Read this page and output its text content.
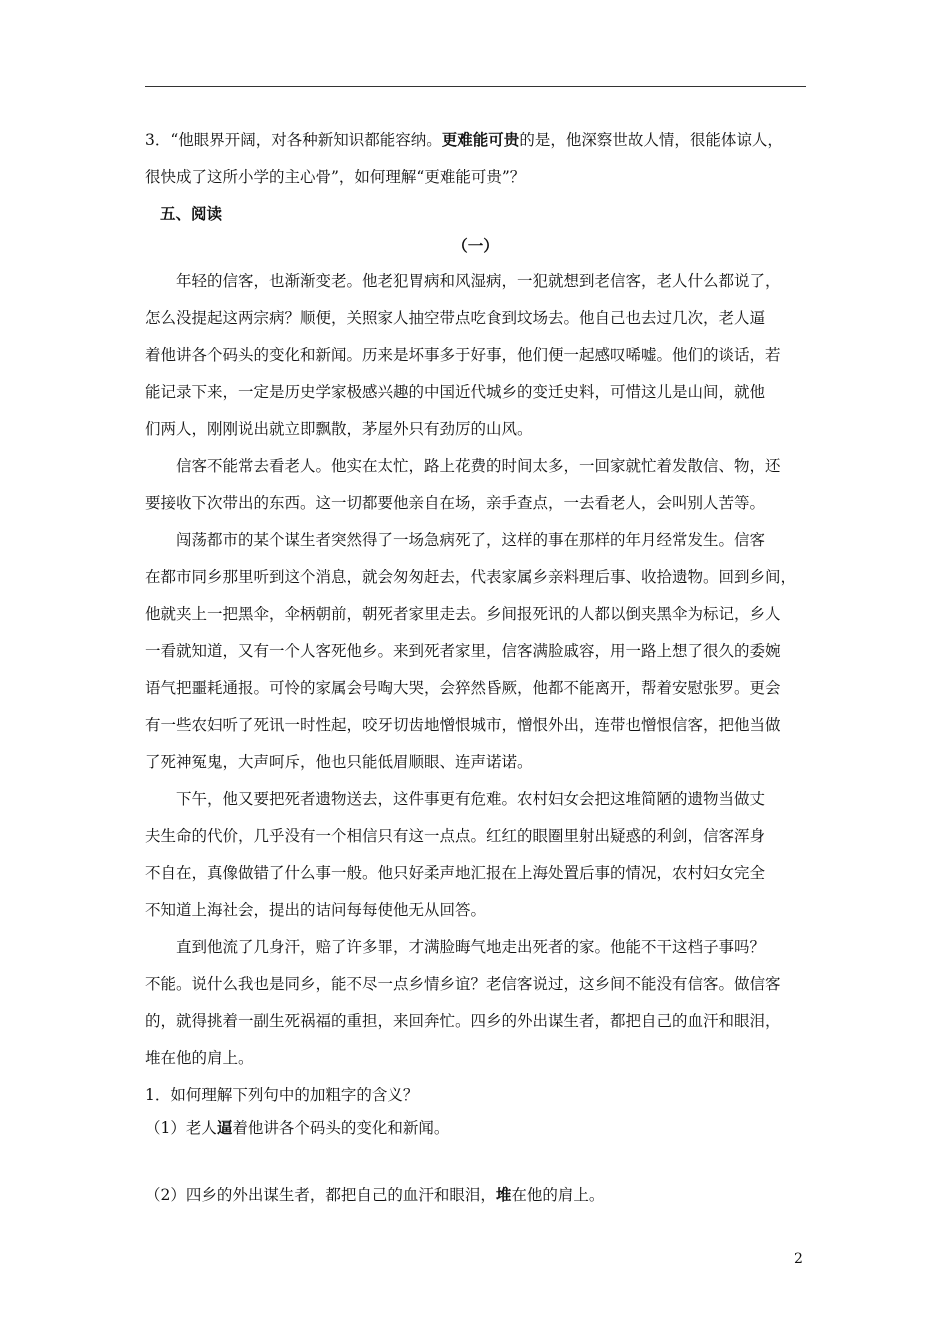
3．“他眼界开阔，对各种新知识都能容纳。更难能可贵的是，他深察世故人情，很能体谅人，
很快成了这所小学的主心骨”，如何理解“更难能可贵”？
五、阅读
（一）
年轻的信客，也渐渐变老。他老犯胃病和风湿病，一犯就想到老信客，老人什么都说了，
怎么没提起这两宗病？顺便，关照家人抽空带点吃食到坟场去。他自己也去过几次，老人逼
着他讲各个码头的变化和新闻。历来是坏事多于好事，他们便一起感叹唏嘘。他们的谈话，若
能记录下来，一定是历史学家极感兴趣的中国近代城乡的变迁史料，可惜这儿是山间，就他
们两人，刚刚说出就立即飘散，茅屋外只有劲厉的山风。
信客不能常去看老人。他实在太忙，路上花费的时间太多，一回家就忙着发散信、物，还
要接收下次带出的东西。这一切都要他亲自在场，亲手查点，一去看老人，会叫别人苦等。
闯荡都市的某个谋生者突然得了一场急病死了，这样的事在那样的年月经常发生。信客
在都市同乡那里听到这个消息，就会匆匆赶去，代表家属乡亲料理后事、收拾遗物。回到乡间，
他就夹上一把黑伞，伞柄朝前，朝死者家里走去。乡间报死讯的人都以倒夹黑伞为标记，乡人
一看就知道，又有一个人客死他乡。来到死者家里，信客满脸戚容，用一路上想了很久的委婉
语气把噩耗通报。可怜的家属会号啕大哭，会猝然昏厥，他都不能离开，帮着安慰张罗。更会
有一些农妇听了死讯一时性起，咬牙切齿地憎恨城市，憎恨外出，连带也憎恨信客，把他当做
了死神冤鬼，大声呵斥，他也只能低眉顺眼、连声诺诺。
下午，他又要把死者遗物送去，这件事更有危难。农村妇女会把这堆简陋的遗物当做丈
夫生命的代价，几乎没有一个相信只有这一点点。红红的眼圈里射出疑惑的利剑，信客浑身
不自在，真像做错了什么事一般。他只好柔声地汇报在上海处置后事的情况，农村妇女完全
不知道上海社会，提出的诘问每每使他无从回答。
直到他流了几身汗，赔了许多罪，才满脸晦气地走出死者的家。他能不干这档子事吗？
不能。说什么我也是同乡，能不尽一点乡情乡谊？老信客说过，这乡间不能没有信客。做信客
的，就得挑着一副生死祸福的重担，来回奔忙。四乡的外出谋生者，都把自己的血汗和眼泪，
堆在他的肩上。
1．如何理解下列句中的加粗字的含义？
（1）老人逼着他讲各个码头的变化和新闻。
（2）四乡的外出谋生者，都把自己的血汗和眼泪，堆在他的肩上。
2
